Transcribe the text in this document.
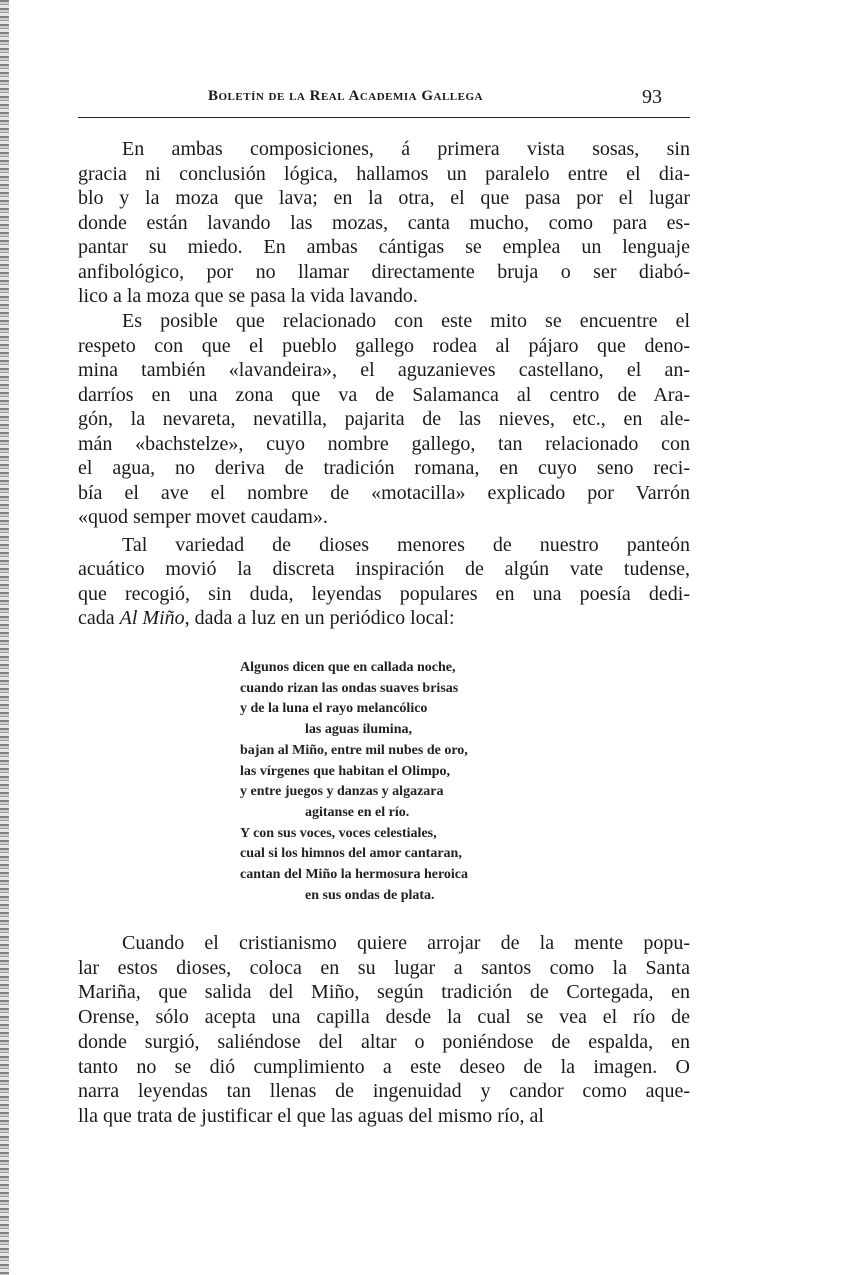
Boletín de la Real Academia Gallega	93
En ambas composiciones, á primera vista sosas, sin
gracia ni conclusión lógica, hallamos un paralelo entre el dia-
blo y la moza que lava; en la otra, el que pasa por el lugar
donde están lavando las mozas, canta mucho, como para es-
pantar su miedo. En ambas cántigas se emplea un lenguaje
anfibológico, por no llamar directamente bruja o ser diabó-
lico a la moza que se pasa la vida lavando.
Es posible que relacionado con este mito se encuentre el
respeto con que el pueblo gallego rodea al pájaro que deno-
mina también «lavandeira», el aguzanieves castellano, el an-
darríos en una zona que va de Salamanca al centro de Ara-
gón, la nevareta, nevatilla, pajarita de las nieves, etc., en ale-
mán «bachstelze», cuyo nombre gallego, tan relacionado con
el agua, no deriva de tradición romana, en cuyo seno reci-
bía el ave el nombre de «motacilla» explicado por Varrón
«quod semper movet caudam».
Tal variedad de dioses menores de nuestro panteón
acuático movió la discreta inspiración de algún vate tudense,
que recogió, sin duda, leyendas populares en una poesía dedi-
cada Al Miño, dada a luz en un periódico local:
Cuando el cristianismo quiere arrojar de la mente popu-
lar estos dioses, coloca en su lugar a santos como la Santa
Mariña, que salida del Miño, según tradición de Cortegada, en
Orense, sólo acepta una capilla desde la cual se vea el río de
donde surgió, saliéndose del altar o poniéndose de espalda, en
tanto no se dió cumplimiento a este deseo de la imagen. O
narra leyendas tan llenas de ingenuidad y candor como aque-
lla que trata de justificar el que las aguas del mismo río, al
Algunos dicen que en callada noche,
cuando rizan las ondas suaves brisas
y de la luna el rayo melancólico
las aguas ilumina,
bajan al Miño, entre mil nubes de oro,
las vírgenes que habitan el Olimpo,
y entre juegos y danzas y algazara
agitanse en el río.
Y con sus voces, voces celestiales,
cual si los himnos del amor cantaran,
cantan del Miño la hermosura heroica
en sus ondas de plata.
